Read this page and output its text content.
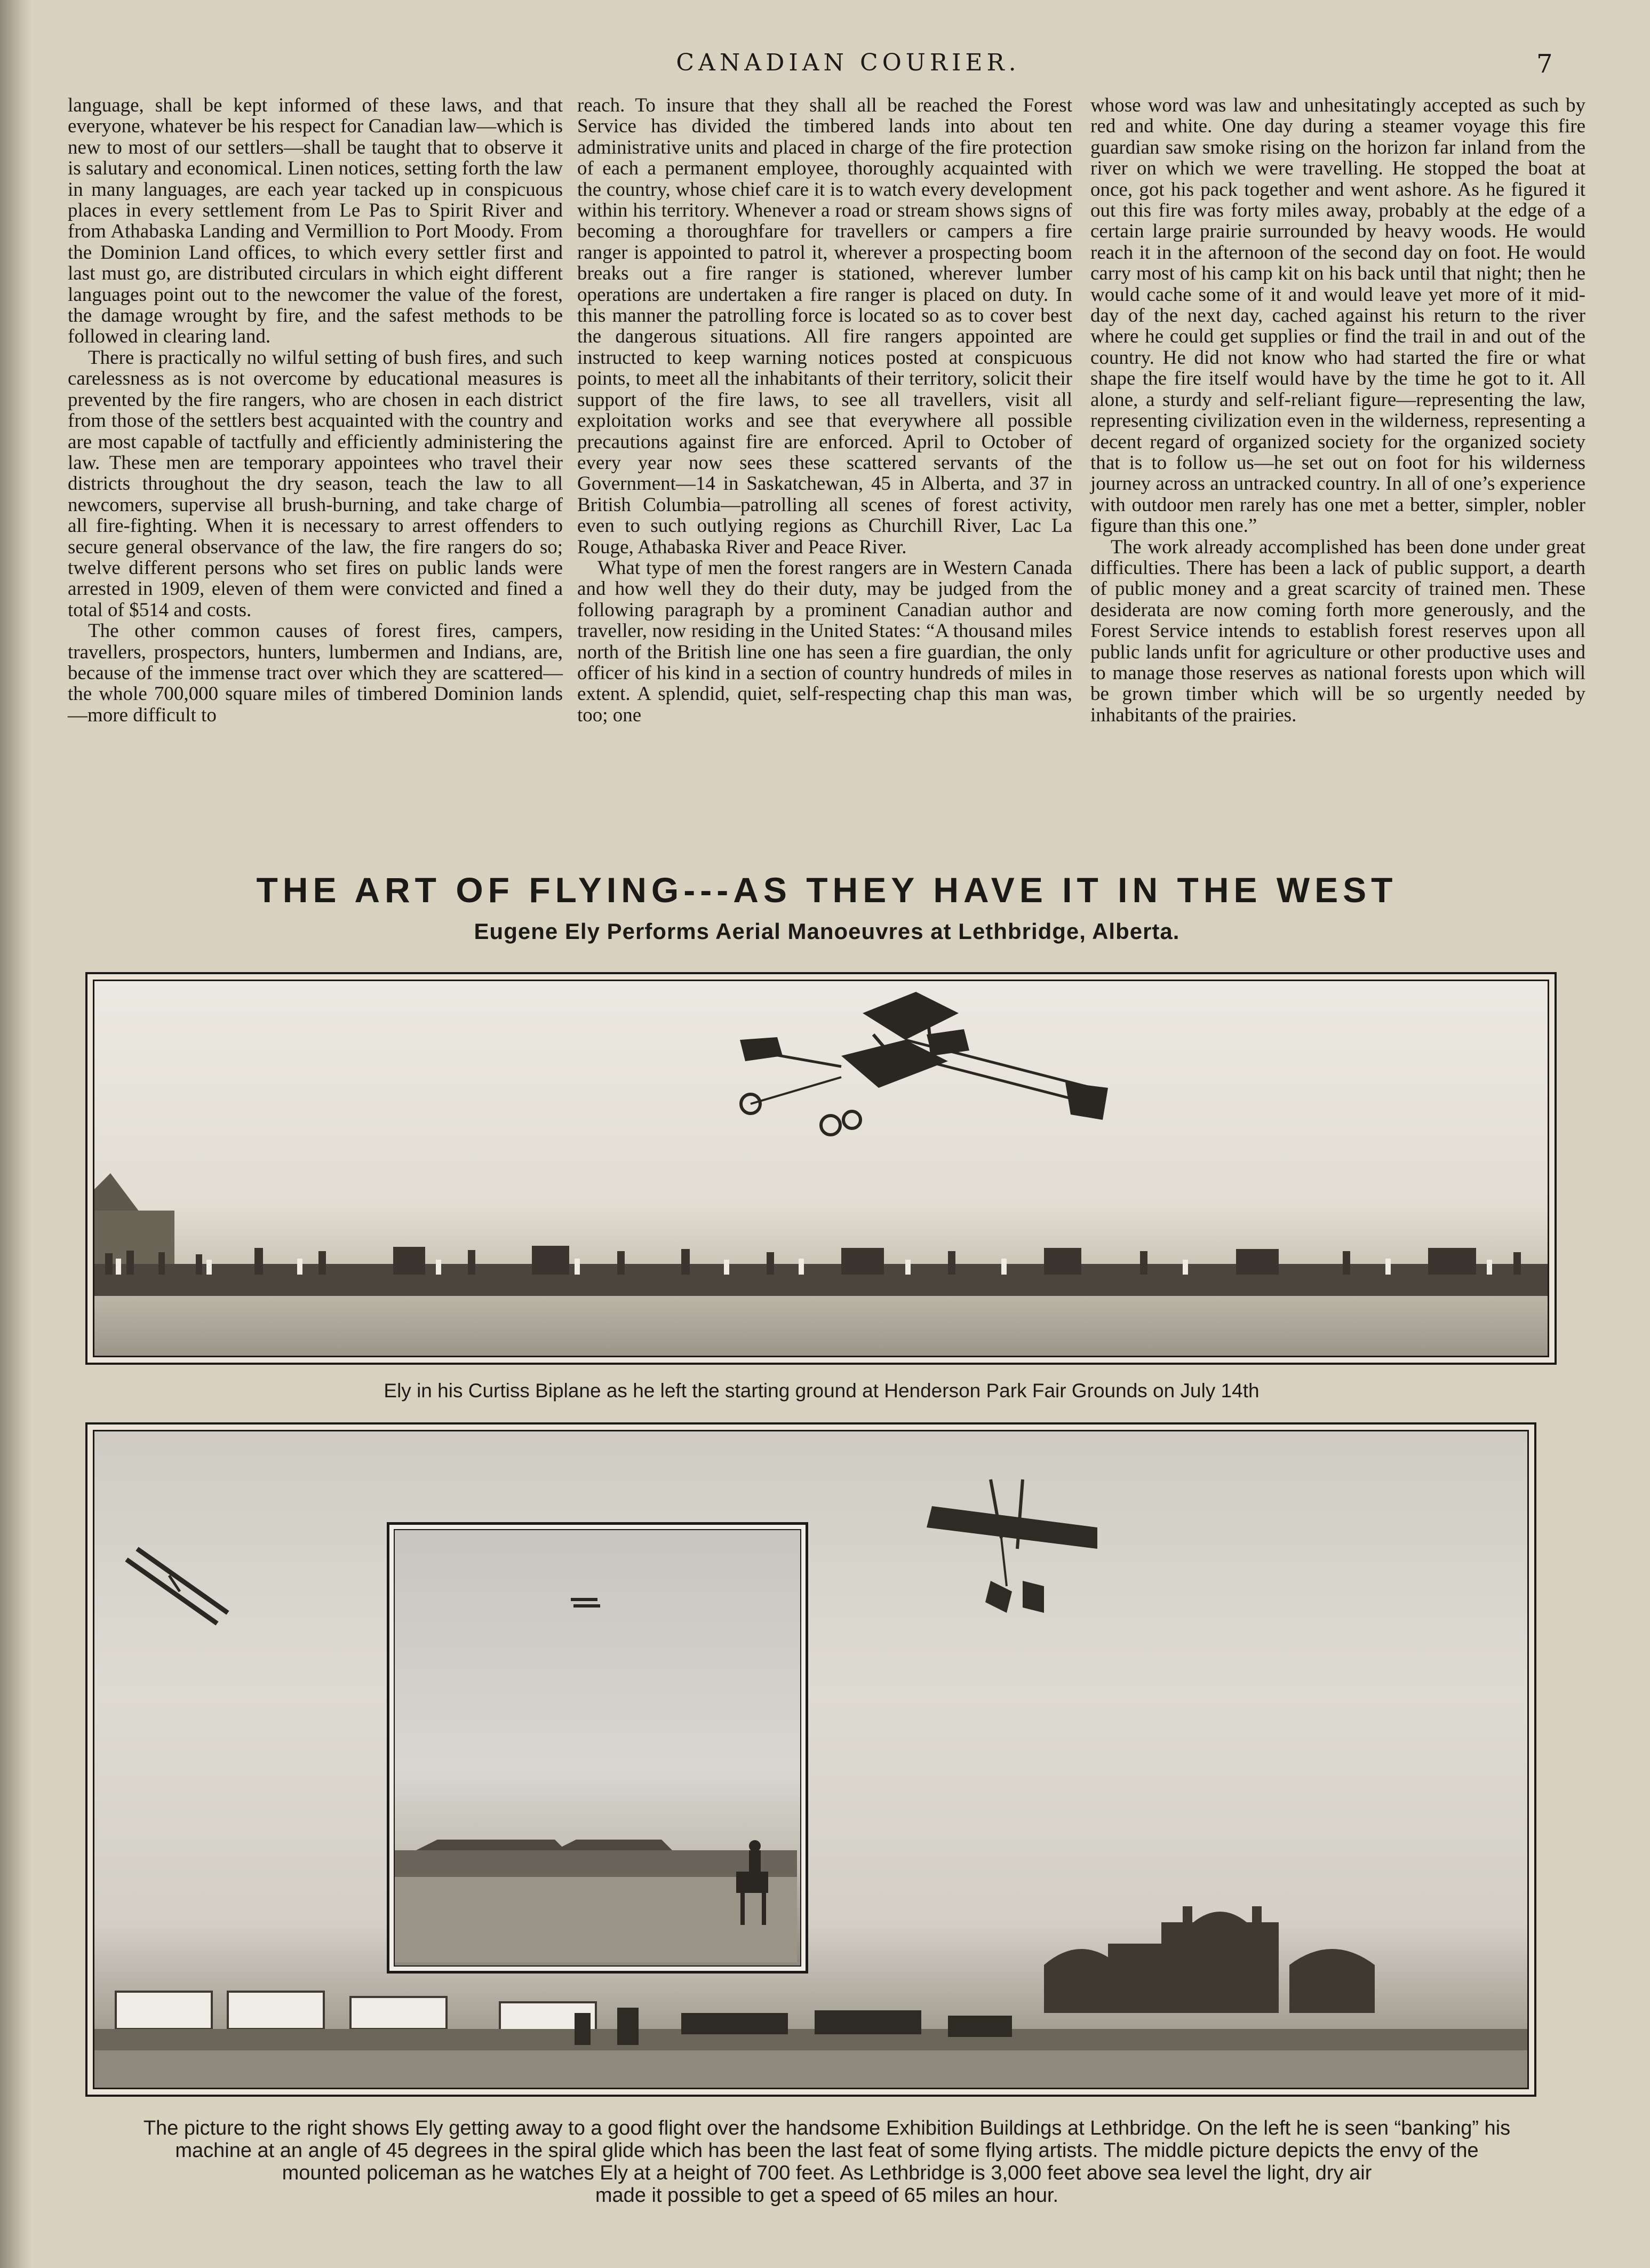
CANADIAN COURIER.	7

language, shall be kept informed of these laws, and that everyone, whatever be his respect for Canadian law—which is new to most of our settlers—shall be taught that to observe it is salutary and economical. Linen notices, setting forth the law in many languages, are each year tacked up in conspicuous places in every settlement from Le Pas to Spirit River and from Athabaska Landing and Vermillion to Port Moody. From the Dominion Land offices, to which every settler first and last must go, are distributed circulars in which eight different languages point out to the newcomer the value of the forest, the damage wrought by fire, and the safest methods to be followed in clearing land.

There is practically no wilful setting of bush fires, and such carelessness as is not overcome by educational measures is prevented by the fire rangers, who are chosen in each district from those of the settlers best acquainted with the country and are most capable of tactfully and efficiently administering the law. These men are temporary appointees who travel their districts throughout the dry season, teach the law to all newcomers, supervise all brush-burning, and take charge of all fire-fighting. When it is necessary to arrest offenders to secure general observance of the law, the fire rangers do so; twelve different persons who set fires on public lands were arrested in 1909, eleven of them were convicted and fined a total of $514 and costs.

The other common causes of forest fires, campers, travellers, prospectors, hunters, lumbermen and Indians, are, because of the immense tract over which they are scattered—the whole 700,000 square miles of timbered Dominion lands—more difficult to

reach. To insure that they shall all be reached the Forest Service has divided the timbered lands into about ten administrative units and placed in charge of the fire protection of each a permanent employee, thoroughly acquainted with the country, whose chief care it is to watch every development within his territory. Whenever a road or stream shows signs of becoming a thoroughfare for travellers or campers a fire ranger is appointed to patrol it, wherever a prospecting boom breaks out a fire ranger is stationed, wherever lumber operations are undertaken a fire ranger is placed on duty. In this manner the patrolling force is located so as to cover best the dangerous situations. All fire rangers appointed are instructed to keep warning notices posted at conspicuous points, to meet all the inhabitants of their territory, solicit their support of the fire laws, to see all travellers, visit all exploitation works and see that everywhere all possible precautions against fire are enforced. April to October of every year now sees these scattered servants of the Government—14 in Saskatchewan, 45 in Alberta, and 37 in British Columbia—patrolling all scenes of forest activity, even to such outlying regions as Churchill River, Lac La Rouge, Athabaska River and Peace River.

What type of men the forest rangers are in Western Canada and how well they do their duty, may be judged from the following paragraph by a prominent Canadian author and traveller, now residing in the United States: “A thousand miles north of the British line one has seen a fire guardian, the only officer of his kind in a section of country hundreds of miles in extent. A splendid, quiet, self-respecting chap this man was, too; one

whose word was law and unhesitatingly accepted as such by red and white. One day during a steamer voyage this fire guardian saw smoke rising on the horizon far inland from the river on which we were travelling. He stopped the boat at once, got his pack together and went ashore. As he figured it out this fire was forty miles away, probably at the edge of a certain large prairie surrounded by heavy woods. He would reach it in the afternoon of the second day on foot. He would carry most of his camp kit on his back until that night; then he would cache some of it and would leave yet more of it mid-day of the next day, cached against his return to the river where he could get supplies or find the trail in and out of the country. He did not know who had started the fire or what shape the fire itself would have by the time he got to it. All alone, a sturdy and self-reliant figure—representing the law, representing civilization even in the wilderness, representing a decent regard of organized society for the organized society that is to follow us—he set out on foot for his wilderness journey across an untracked country. In all of one’s experience with outdoor men rarely has one met a better, simpler, nobler figure than this one.”

The work already accomplished has been done under great difficulties. There has been a lack of public support, a dearth of public money and a great scarcity of trained men. These desiderata are now coming forth more generously, and the Forest Service intends to establish forest reserves upon all public lands unfit for agriculture or other productive uses and to manage those reserves as national forests upon which will be grown timber which will be so urgently needed by inhabitants of the prairies.

THE ART OF FLYING---AS THEY HAVE IT IN THE WEST
Eugene Ely Performs Aerial Manoeuvres at Lethbridge, Alberta.
Ely in his Curtiss Biplane as he left the starting ground at Henderson Park Fair Grounds on July 14th
The picture to the right shows Ely getting away to a good flight over the handsome Exhibition Buildings at Lethbridge. On the left he is seen “banking” his
machine at an angle of 45 degrees in the spiral glide which has been the last feat of some flying artists. The middle picture depicts the envy of the
mounted policeman as he watches Ely at a height of 700 feet. As Lethbridge is 3,000 feet above sea level the light, dry air
made it possible to get a speed of 65 miles an hour.
